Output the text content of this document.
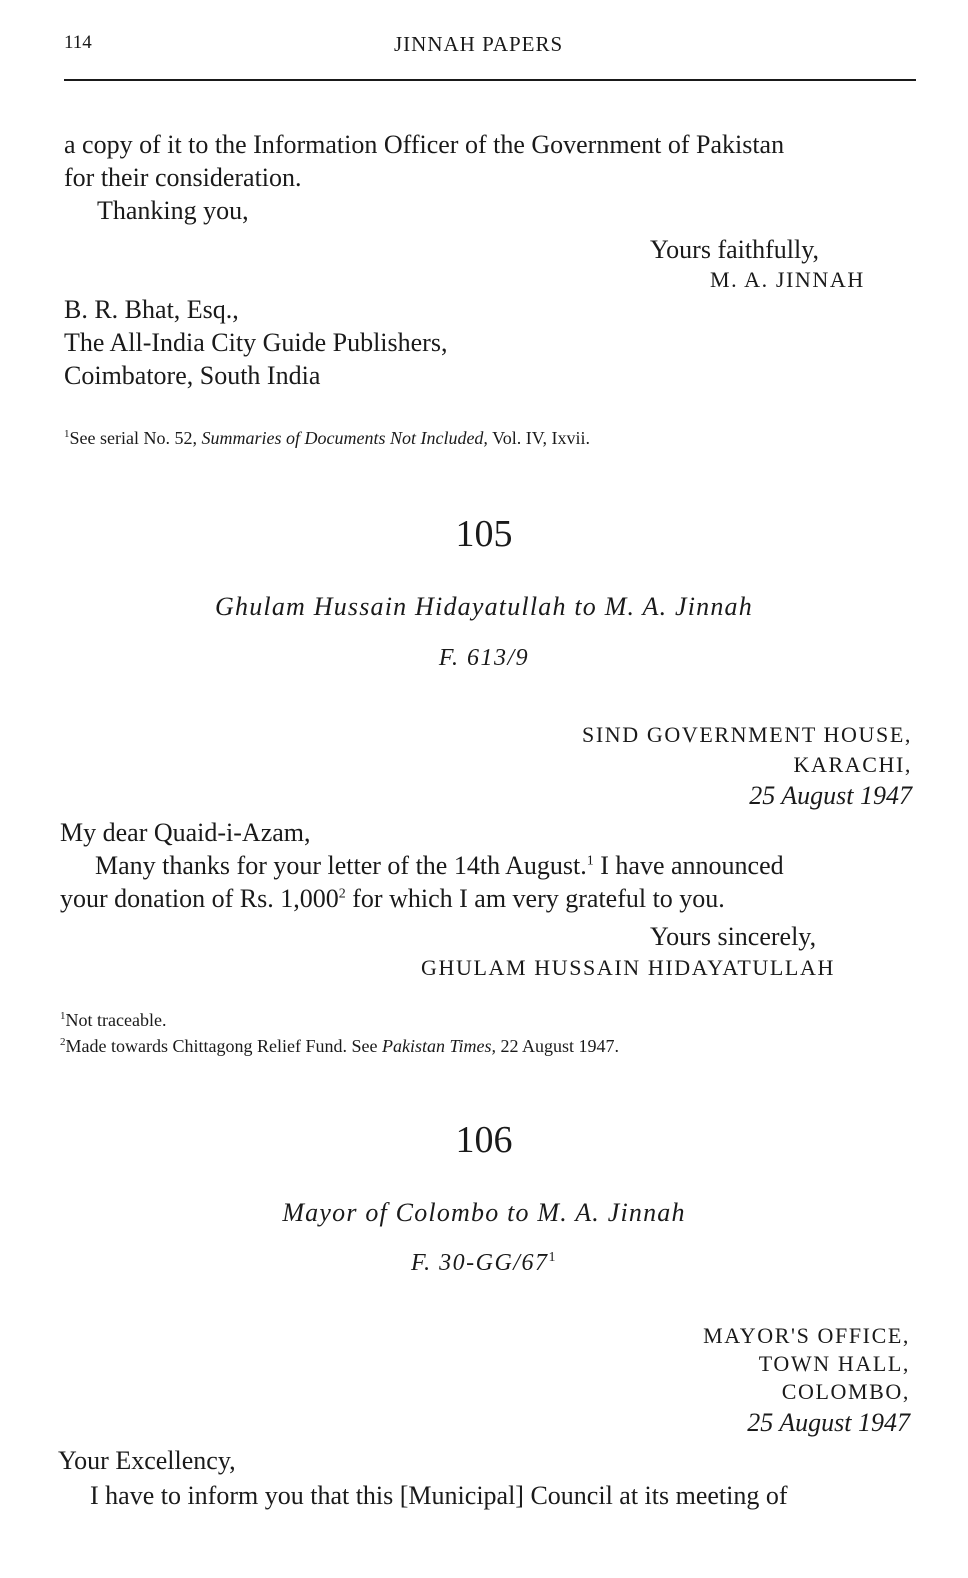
114	JINNAH PAPERS
a copy of it to the Information Officer of the Government of Pakistan
for their consideration.
Thanking you,
Yours faithfully,
M. A. JINNAH
B. R. Bhat, Esq.,
The All-India City Guide Publishers,
Coimbatore, South India
$^1$See serial No. 52, Summaries of Documents Not Included, Vol. IV, Ixvii.
105
Ghulam Hussain Hidayatullah to M. A. Jinnah
F. 613/9
SIND GOVERNMENT HOUSE,
KARACHI,
25 August 1947
My dear Quaid-i-Azam,
Many thanks for your letter of the 14th August.$^1$ I have announced
your donation of Rs. 1,000$^2$ for which I am very grateful to you.
Yours sincerely,
GHULAM HUSSAIN HIDAYATULLAH
$^1$Not traceable.
$^2$Made towards Chittagong Relief Fund. See Pakistan Times, 22 August 1947.
106
Mayor of Colombo to M. A. Jinnah
F. $30-GG/67^1$
MAYOR'S OFFICE,
TOWN HALL,
COLOMBO,
25 August 1947
Your Excellency,
I have to inform you that this [Municipal] Council at its meeting of
